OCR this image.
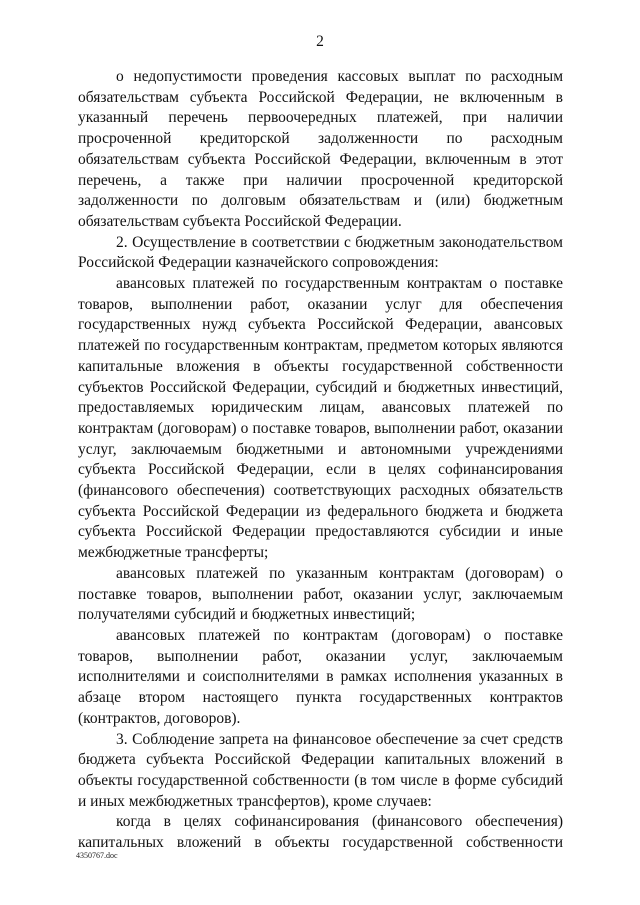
2

о недопустимости проведения кассовых выплат по расходным обязательствам субъекта Российской Федерации, не включенным в указанный перечень первоочередных платежей, при наличии просроченной кредиторской задолженности по расходным обязательствам субъекта Российской Федерации, включенным в этот перечень, а также при наличии просроченной кредиторской задолженности по долговым обязательствам и (или) бюджетным обязательствам субъекта Российской Федерации.

2. Осуществление в соответствии с бюджетным законодательством Российской Федерации казначейского сопровождения:

авансовых платежей по государственным контрактам о поставке товаров, выполнении работ, оказании услуг для обеспечения государственных нужд субъекта Российской Федерации, авансовых платежей по государственным контрактам, предметом которых являются капитальные вложения в объекты государственной собственности субъектов Российской Федерации, субсидий и бюджетных инвестиций, предоставляемых юридическим лицам, авансовых платежей по контрактам (договорам) о поставке товаров, выполнении работ, оказании услуг, заключаемым бюджетными и автономными учреждениями субъекта Российской Федерации, если в целях софинансирования (финансового обеспечения) соответствующих расходных обязательств субъекта Российской Федерации из федерального бюджета и бюджета субъекта Российской Федерации предоставляются субсидии и иные межбюджетные трансферты;

авансовых платежей по указанным контрактам (договорам) о поставке товаров, выполнении работ, оказании услуг, заключаемым получателями субсидий и бюджетных инвестиций;

авансовых платежей по контрактам (договорам) о поставке товаров, выполнении работ, оказании услуг, заключаемым исполнителями и соисполнителями в рамках исполнения указанных в абзаце втором настоящего пункта государственных контрактов (контрактов, договоров).

3. Соблюдение запрета на финансовое обеспечение за счет средств бюджета субъекта Российской Федерации капитальных вложений в объекты государственной собственности (в том числе в форме субсидий и иных межбюджетных трансфертов), кроме случаев:

когда в целях софинансирования (финансового обеспечения) капитальных вложений в объекты государственной собственности

4350767.doc
